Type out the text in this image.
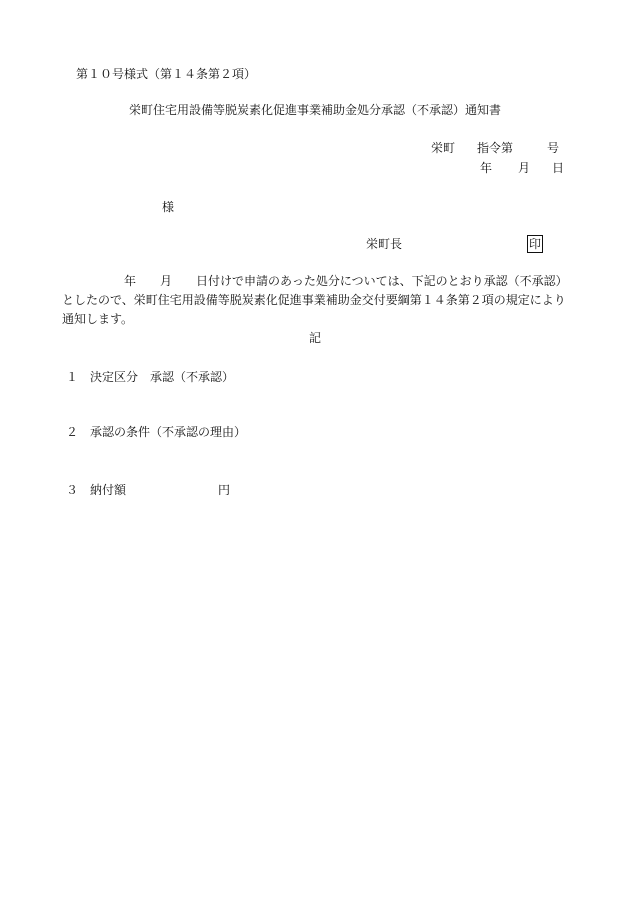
第１０号様式（第１４条第２項）
栄町住宅用設備等脱炭素化促進事業補助金処分承認（不承認）通知書
栄町 指令第	号
年 月 日
様
栄町長	印
年　　月　　日付けで申請のあった処分については、下記のとおり承認（不承認）としたので、栄町住宅用設備等脱炭素化促進事業補助金交付要綱第１４条第２項の規定により通知します。
記
１ 決定区分　承認（不承認）
２ 承認の条件（不承認の理由）
３ 納付額	円
